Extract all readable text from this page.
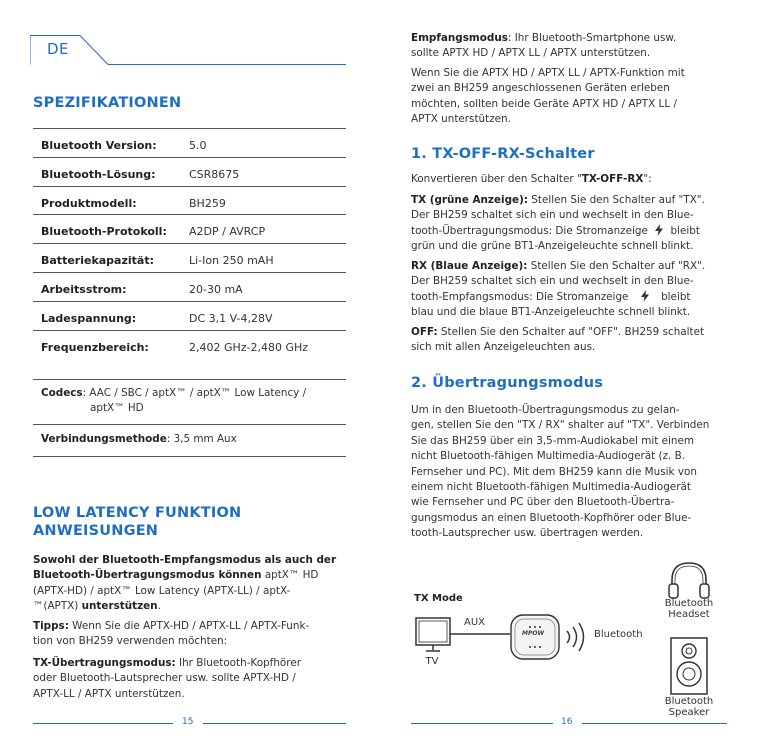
DE
SPEZIFIKATIONEN
Bluetooth Version:	5.0
Bluetooth-Lösung:	CSR8675
Produktmodell:	BH259
Bluetooth-Protokoll: A2DP / AVRCP
Batteriekapazität:	Li-Ion 250 mAH
Arbeitsstrom:	20-30 mA
Ladespannung:	DC 3,1 V-4,28V
Frequenzbereich:	2,402 GHz-2,480 GHz
Codecs: AAC / SBC / aptX™ / aptX™ Low Latency /
aptX™ HD
Verbindungsmethode: 3,5 mm Aux
LOW LATENCY FUNKTION
ANWEISUNGEN
Sowohl der Bluetooth-Empfangsmodus als auch der
Bluetooth-Übertragungsmodus können aptX™ HD
(APTX-HD) / aptX™ Low Latency (APTX-LL) / aptX-
™(APTX) unterstützen.
Tipps: Wenn Sie die APTX-HD / APTX-LL / APTX-Funk-
tion von BH259 verwenden möchten:
TX-Übertragungsmodus: Ihr Bluetooth-Kopfhörer
oder Bluetooth-Lautsprecher usw. sollte APTX-HD /
APTX-LL / APTX unterstützen.
15
Empfangsmodus: Ihr Bluetooth-Smartphone usw.
sollte APTX HD / APTX LL / APTX unterstützen.
Wenn Sie die APTX HD / APTX LL / APTX-Funktion mit
zwei an BH259 angeschlossenen Geräten erleben
möchten, sollten beide Geräte APTX HD / APTX LL /
APTX unterstützen.
1. TX-OFF-RX-Schalter
Konvertieren über den Schalter "TX-OFF-RX":
TX (grüne Anzeige): Stellen Sie den Schalter auf "TX".
Der BH259 schaltet sich ein und wechselt in den Blue-
tooth-Übertragungsmodus: Die Stromanzeige bleibt
grün und die grüne BT1-Anzeigeleuchte schnell blinkt.
RX (Blaue Anzeige): Stellen Sie den Schalter auf "RX".
Der BH259 schaltet sich ein und wechselt in den Blue-
tooth-Empfangsmodus: Die Stromanzeige	bleibt
blau und die blaue BT1-Anzeigeleuchte schnell blinkt.
OFF: Stellen Sie den Schalter auf "OFF". BH259 schaltet
sich mit allen Anzeigeleuchten aus.
2. Übertragungsmodus
Um in den Bluetooth-Übertragungsmodus zu gelan-
gen, stellen Sie den "TX / RX" shalter auf "TX". Verbinden
Sie das BH259 über ein 3,5-mm-Audiokabel mit einem
nicht Bluetooth-fähigen Multimedia-Audiogerät (z. B.
Fernseher und PC). Mit dem BH259 kann die Musik von
einem nicht Bluetooth-fähigen Multimedia-Audiogerät
wie Fernseher und PC über den Bluetooth-Übertra-
gungsmodus an einen Bluetooth-Kopfhörer oder Blue-
tooth-Lautsprecher usw. übertragen werden.
TX Mode
TV
AUX
MPOW	Bluetooth
Bluetooth
Headset
Bluetooth
Speaker
16
